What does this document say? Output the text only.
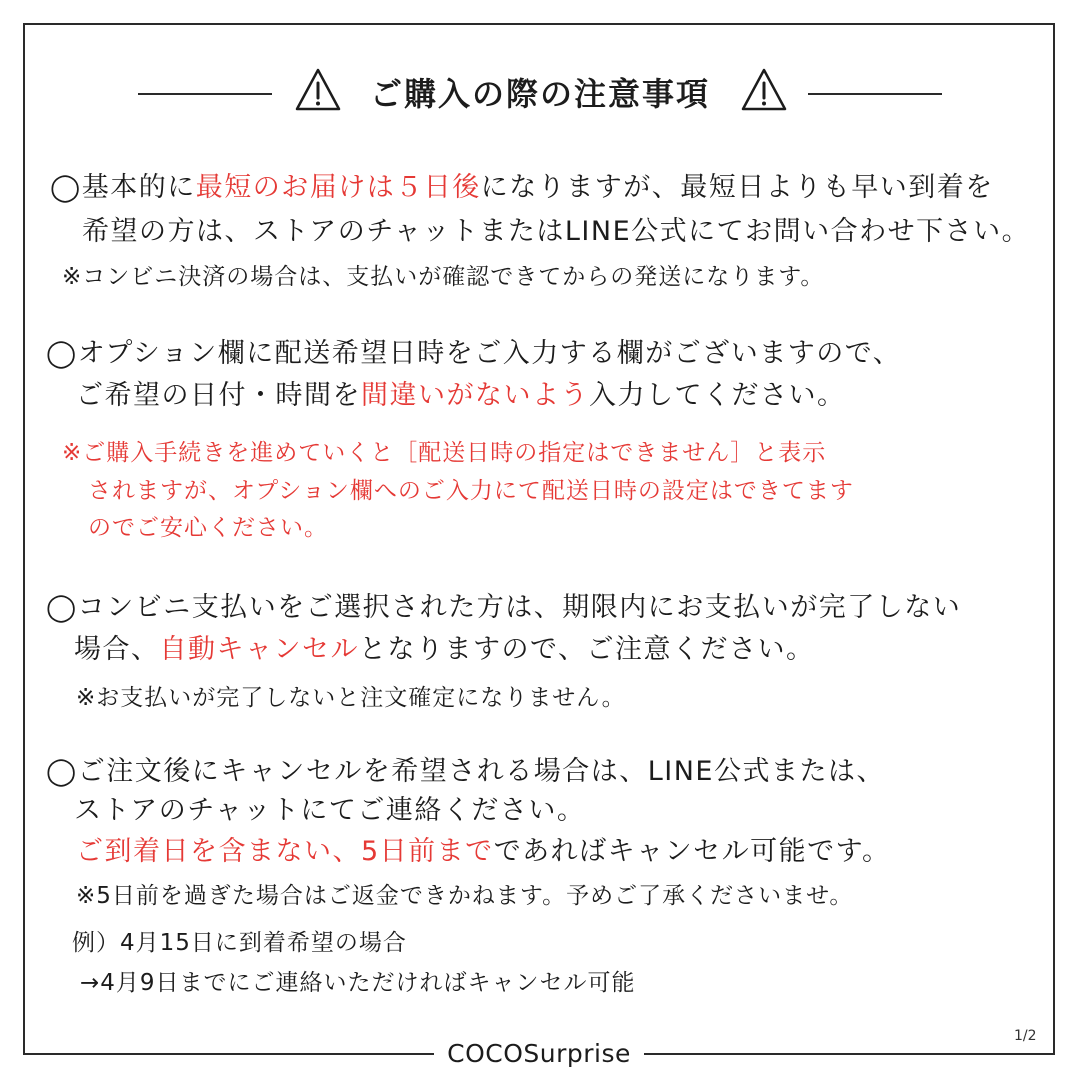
ご購入の際の注意事項
◯基本的に最短のお届けは５日後になりますが、最短日よりも早い到着を
希望の方は、ストアのチャットまたはLINE公式にてお問い合わせ下さい。
※コンビニ決済の場合は、支払いが確認できてからの発送になります。
◯オプション欄に配送希望日時をご入力する欄がございますので、
ご希望の日付・時間を間違いがないよう入力してください。
※ご購入手続きを進めていくと［配送日時の指定はできません］と表示
されますが、オプション欄へのご入力にて配送日時の設定はできてます
のでご安心ください。
◯コンビニ支払いをご選択された方は、期限内にお支払いが完了しない
場合、自動キャンセルとなりますので、ご注意ください。
※お支払いが完了しないと注文確定になりません。
◯ご注文後にキャンセルを希望される場合は、LINE公式または、
ストアのチャットにてご連絡ください。
ご到着日を含まない、5日前までであればキャンセル可能です。
※5日前を過ぎた場合はご返金できかねます。予めご了承くださいませ。
例）4月15日に到着希望の場合
→4月9日までにご連絡いただければキャンセル可能
COCOSurprise
1/2
